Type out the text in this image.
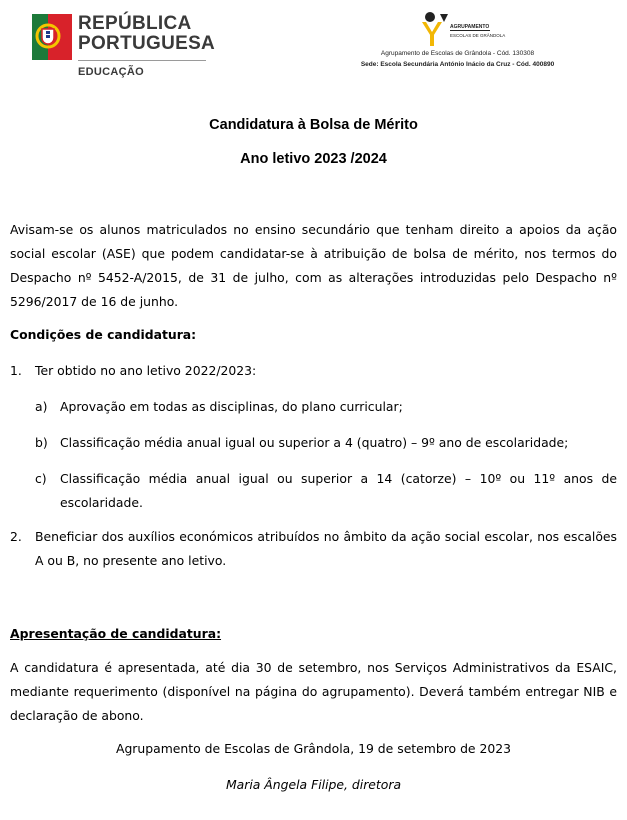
REPÚBLICA
PORTUGUESA
EDUCAÇÃO
AGRUPAMENTO
ESCOLAS DE GRÂNDOLA
Agrupamento de Escolas de Grândola - Cód. 130308
Sede: Escola Secundária António Inácio da Cruz - Cód. 400890
Candidatura à Bolsa de Mérito
Ano letivo 2023 /2024
Avisam-se os alunos matriculados no ensino secundário que tenham direito a apoios da ação social escolar (ASE) que podem candidatar-se à atribuição de bolsa de mérito, nos termos do Despacho nº 5452-A/2015, de 31 de julho, com as alterações introduzidas pelo Despacho nº 5296/2017 de 16 de junho.
Condições de candidatura:
1. Ter obtido no ano letivo 2022/2023:
a) Aprovação em todas as disciplinas, do plano curricular;
b) Classificação média anual igual ou superior a 4 (quatro) – 9º ano de escolaridade;
c) Classificação média anual igual ou superior a 14 (catorze) – 10º ou 11º anos de escolaridade.
2. Beneficiar dos auxílios económicos atribuídos no âmbito da ação social escolar, nos escalões A ou B, no presente ano letivo.
Apresentação de candidatura:
A candidatura é apresentada, até dia 30 de setembro, nos Serviços Administrativos da ESAIC, mediante requerimento (disponível na página do agrupamento). Deverá também entregar NIB e declaração de abono.
Agrupamento de Escolas de Grândola, 19 de setembro de 2023
Maria Ângela Filipe, diretora
